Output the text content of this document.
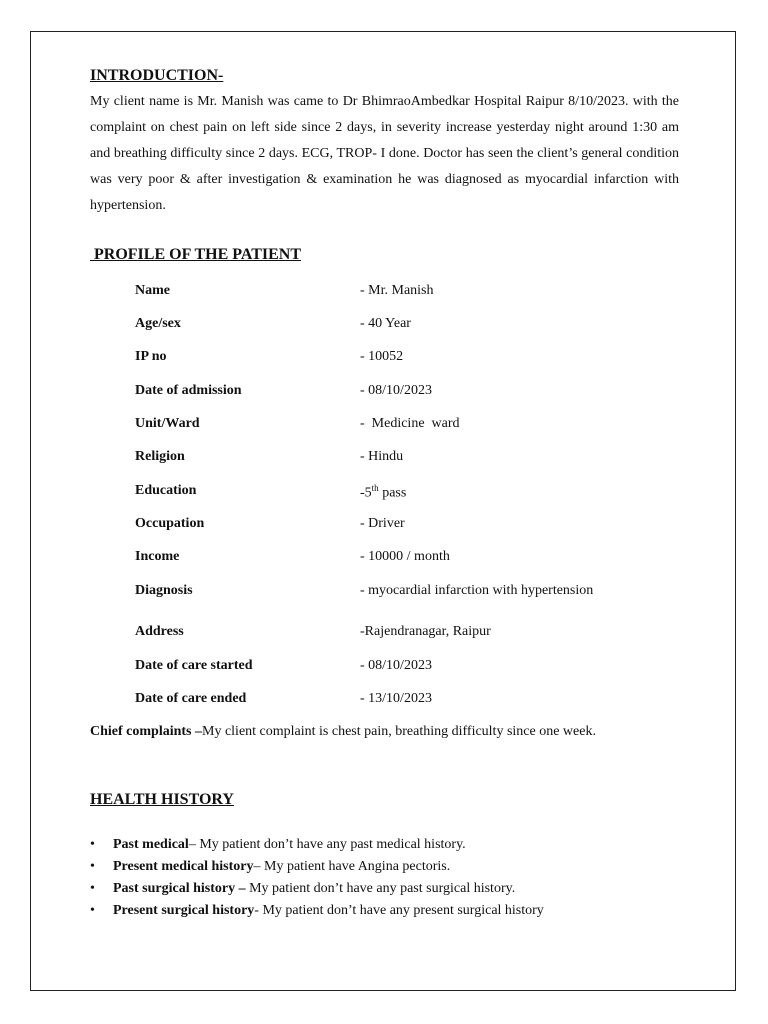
INTRODUCTION-
My client name is Mr. Manish was came to Dr BhimraoAmbedkar Hospital Raipur 8/10/2023. with the complaint on chest pain on left side since 2 days, in severity increase yesterday night around 1:30 am and breathing difficulty since 2 days. ECG, TROP- I done. Doctor has seen the client’s general condition was very poor & after investigation & examination he was diagnosed as myocardial infarction with hypertension.
PROFILE OF THE PATIENT
Name	- Mr. Manish
Age/sex	- 40 Year
IP no	- 10052
Date of admission	- 08/10/2023
Unit/Ward	-  Medicine  ward
Religion	- Hindu
Education	-5th pass
Occupation	- Driver
Income	- 10000 / month
Diagnosis	- myocardial infarction with hypertension
Address	-Rajendranagar, Raipur
Date of care started	- 08/10/2023
Date of care ended	- 13/10/2023
Chief complaints –My client complaint is chest pain, breathing difficulty since one week.
HEALTH HISTORY
• Past medical– My patient don’t have any past medical history.
• Present medical history– My patient have Angina pectoris.
• Past surgical history – My patient don’t have any past surgical history.
• Present surgical history- My patient don’t have any present surgical history
